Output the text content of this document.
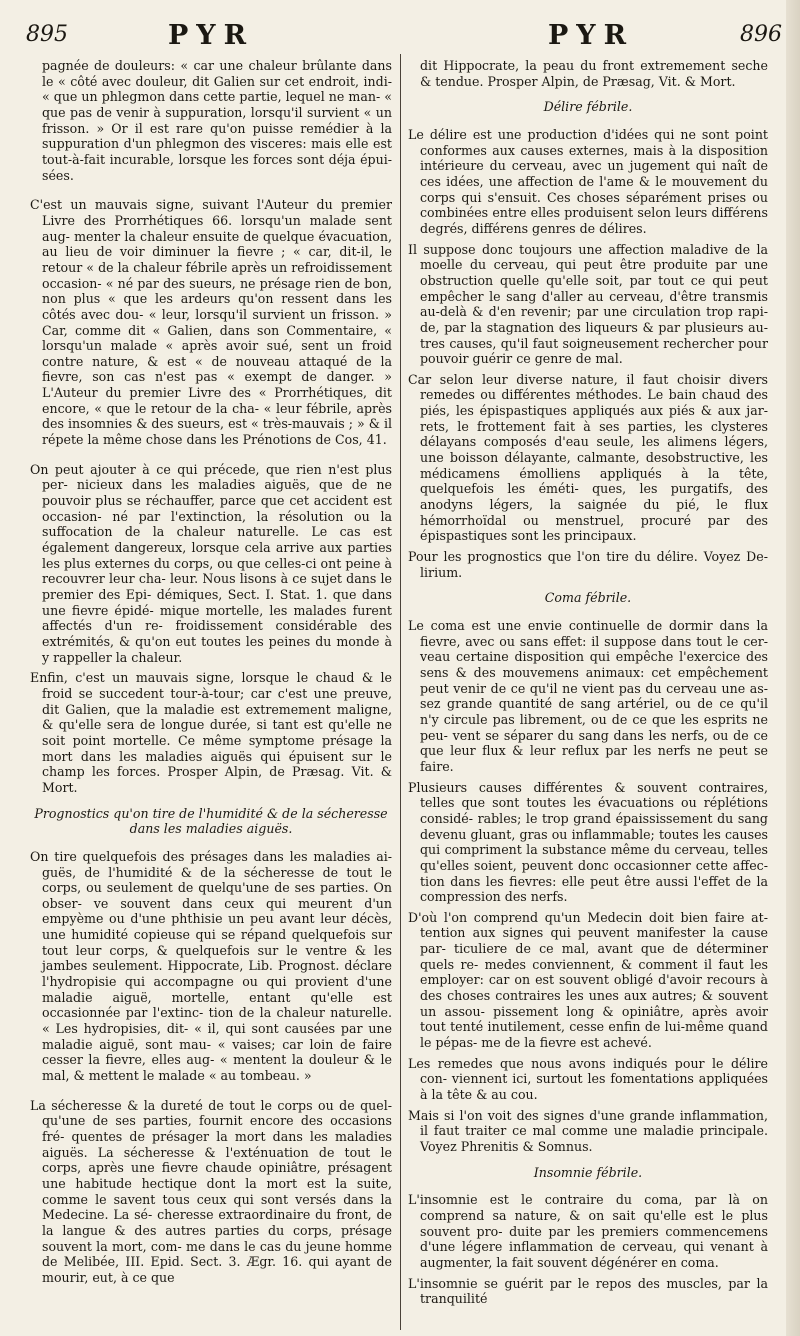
895	PYR	PYR	896

pagnée de douleurs: « car une chaleur brûlante dans le « côté avec douleur, dit Galien sur cet endroit, indi- « que un phlegmon dans cette partie, lequel ne man- « que pas de venir à suppuration, lorsqu'il survient « un frisson. » Or il est rare qu'on puisse remédier à la suppuration d'un phlegmon des visceres: mais elle est tout-à-fait incurable, lorsque les forces sont déja épui- sées.

C'est un mauvais signe, suivant l'Auteur du premier Livre des Prorrhétiques 66. lorsqu'un malade sent aug- menter la chaleur ensuite de quelque évacuation, au lieu de voir diminuer la fievre ; « car, dit-il, le retour « de la chaleur fébrile après un refroidissement occasion- « né par des sueurs, ne présage rien de bon, non plus « que les ardeurs qu'on ressent dans les côtés avec dou- « leur, lorsqu'il survient un frisson. » Car, comme dit « Galien, dans son Commentaire, « lorsqu'un malade « après avoir sué, sent un froid contre nature, & est « de nouveau attaqué de la fievre, son cas n'est pas « exempt de danger. » L'Auteur du premier Livre des « Prorrhétiques, dit encore, « que le retour de la cha- « leur fébrile, après des insomnies & des sueurs, est « très-mauvais ; » & il répete la même chose dans les Prénotions de Cos, 41.

On peut ajouter à ce qui précede, que rien n'est plus per- nicieux dans les maladies aiguës, que de ne pouvoir plus se réchauffer, parce que cet accident est occasion- né par l'extinction, la résolution ou la suffocation de la chaleur naturelle. Le cas est également dangereux, lorsque cela arrive aux parties les plus externes du corps, ou que celles-ci ont peine à recouvrer leur cha- leur. Nous lisons à ce sujet dans le premier des Epi- démiques, Sect. I. Stat. 1. que dans une fievre épidé- mique mortelle, les malades furent affectés d'un re- froidissement considérable des extrémités, & qu'on eut toutes les peines du monde à y rappeller la chaleur.

Enfin, c'est un mauvais signe, lorsque le chaud & le froid se succedent tour-à-tour; car c'est une preuve, dit Galien, que la maladie est extremement maligne, & qu'elle sera de longue durée, si tant est qu'elle ne soit point mortelle. Ce même symptome présage la mort dans les maladies aiguës qui épuisent sur le champ les forces. Prosper Alpin, de Præsag. Vit. & Mort.

Prognostics qu'on tire de l'humidité & de la sécheresse dans les maladies aiguës.

On tire quelquefois des présages dans les maladies ai- guës, de l'humidité & de la sécheresse de tout le corps, ou seulement de quelqu'une de ses parties. On obser- ve souvent dans ceux qui meurent d'un empyème ou d'une phthisie un peu avant leur décès, une humidité copieuse qui se répand quelquefois sur tout leur corps, & quelquefois sur le ventre & les jambes seulement. Hippocrate, Lib. Prognost. déclare l'hydropisie qui accompagne ou qui provient d'une maladie aiguë, mortelle, entant qu'elle est occasionnée par l'extinc- tion de la chaleur naturelle. « Les hydropisies, dit- « il, qui sont causées par une maladie aiguë, sont mau- « vaises; car loin de faire cesser la fievre, elles aug- « mentent la douleur & le mal, & mettent le malade « au tombeau. »

La sécheresse & la dureté de tout le corps ou de quel- qu'une de ses parties, fournit encore des occasions fré- quentes de présager la mort dans les maladies aiguës. La sécheresse & l'exténuation de tout le corps, après une fievre chaude opiniâtre, présagent une habitude hectique dont la mort est la suite, comme le savent tous ceux qui sont versés dans la Medecine. La sé- cheresse extraordinaire du front, de la langue & des autres parties du corps, présage souvent la mort, com- me dans le cas du jeune homme de Melibée, III. Epid. Sect. 3. Ægr. 16. qui ayant de mourir, eut, à ce que

dit Hippocrate, la peau du front extremement seche & tendue. Prosper Alpin, de Præsag, Vit. & Mort.

Délire fébrile.

Le délire est une production d'idées qui ne sont point conformes aux causes externes, mais à la disposition intérieure du cerveau, avec un jugement qui naît de ces idées, une affection de l'ame & le mouvement du corps qui s'ensuit. Ces choses séparément prises ou combinées entre elles produisent selon leurs différens degrés, différens genres de délires.

Il suppose donc toujours une affection maladive de la moelle du cerveau, qui peut être produite par une obstruction quelle qu'elle soit, par tout ce qui peut empêcher le sang d'aller au cerveau, d'être transmis au-delà & d'en revenir; par une circulation trop rapi- de, par la stagnation des liqueurs & par plusieurs au- tres causes, qu'il faut soigneusement rechercher pour pouvoir guérir ce genre de mal.

Car selon leur diverse nature, il faut choisir divers remedes ou différentes méthodes. Le bain chaud des piés, les épispastiques appliqués aux piés & aux jar- rets, le frottement fait à ses parties, les clysteres délayans composés d'eau seule, les alimens légers, une boisson délayante, calmante, desobstructive, les médicamens émolliens appliqués à la tête, quelquefois les éméti- ques, les purgatifs, des anodyns légers, la saignée du pié, le flux hémorrhoïdal ou menstruel, procuré par des épispastiques sont les principaux.

Pour les prognostics que l'on tire du délire. Voyez De- lirium.

Coma fébrile.

Le coma est une envie continuelle de dormir dans la fievre, avec ou sans effet: il suppose dans tout le cer- veau certaine disposition qui empêche l'exercice des sens & des mouvemens animaux: cet empêchement peut venir de ce qu'il ne vient pas du cerveau une as- sez grande quantité de sang artériel, ou de ce qu'il n'y circule pas librement, ou de ce que les esprits ne peu- vent se séparer du sang dans les nerfs, ou de ce que leur flux & leur reflux par les nerfs ne peut se faire.

Plusieurs causes différentes & souvent contraires, telles que sont toutes les évacuations ou réplétions considé- rables; le trop grand épaississement du sang devenu gluant, gras ou inflammable; toutes les causes qui compriment la substance même du cerveau, telles qu'elles soient, peuvent donc occasionner cette affec- tion dans les fievres: elle peut être aussi l'effet de la compression des nerfs.

D'où l'on comprend qu'un Medecin doit bien faire at- tention aux signes qui peuvent manifester la cause par- ticuliere de ce mal, avant que de déterminer quels re- medes conviennent, & comment il faut les employer: car on est souvent obligé d'avoir recours à des choses contraires les unes aux autres; & souvent un assou- pissement long & opiniâtre, après avoir tout tenté inutilement, cesse enfin de lui-même quand le pépas- me de la fievre est achevé.

Les remedes que nous avons indiqués pour le délire con- viennent ici, surtout les fomentations appliquées à la tête & au cou.

Mais si l'on voit des signes d'une grande inflammation, il faut traiter ce mal comme une maladie principale. Voyez Phrenitis & Somnus.

Insomnie fébrile.

L'insomnie est le contraire du coma, par là on comprend sa nature, & on sait qu'elle est le plus souvent pro- duite par les premiers commencemens d'une légere inflammation de cerveau, qui venant à augmenter, la fait souvent dégénérer en coma.

L'insomnie se guérit par le repos des muscles, par la tranquilité
